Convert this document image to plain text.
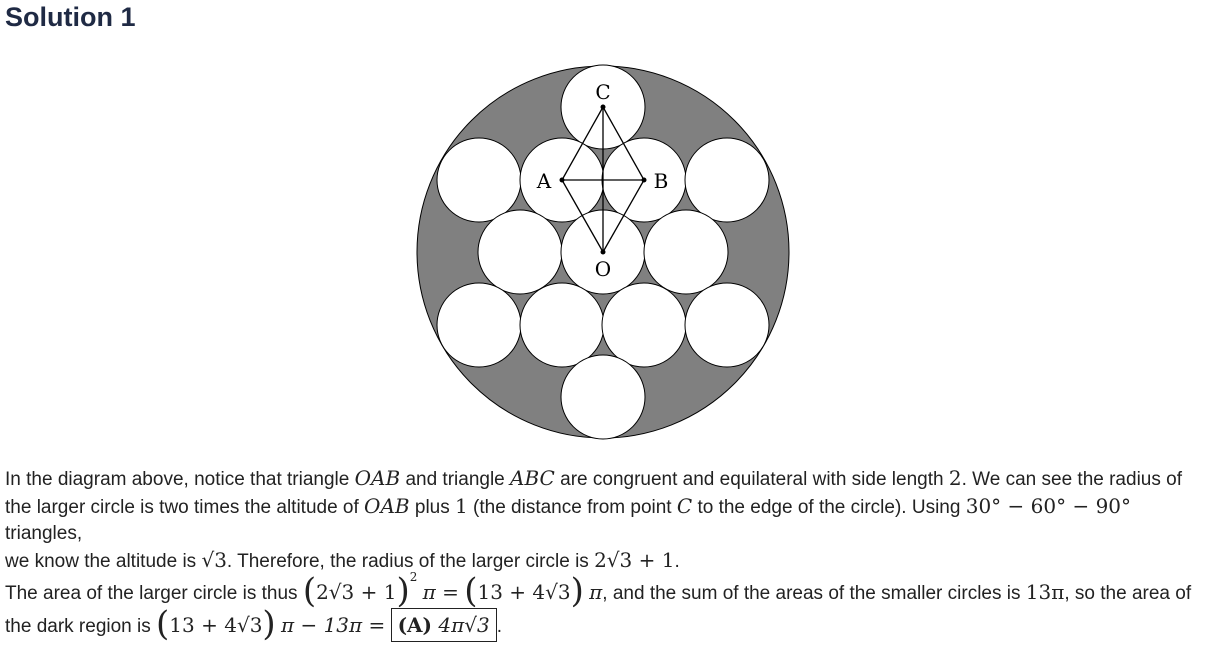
Solution 1
C
A	B
O
In the diagram above, notice that triangle OAB and triangle ABC are congruent and equilateral with side length 2. We can see the radius of
the larger circle is two times the altitude of OAB plus 1 (the distance from point C to the edge of the circle). Using 30° − 60° − 90° triangles,
we know the altitude is √3. Therefore, the radius of the larger circle is 2√3 + 1.
The area of the larger circle is thus $(2√3 + 1)^2$ π = (13 + 4√3) π, and the sum of the areas of the smaller circles is 13π, so the area of
the dark region is (13 + 4√3) π − 13π = (A) 4π√3 .
